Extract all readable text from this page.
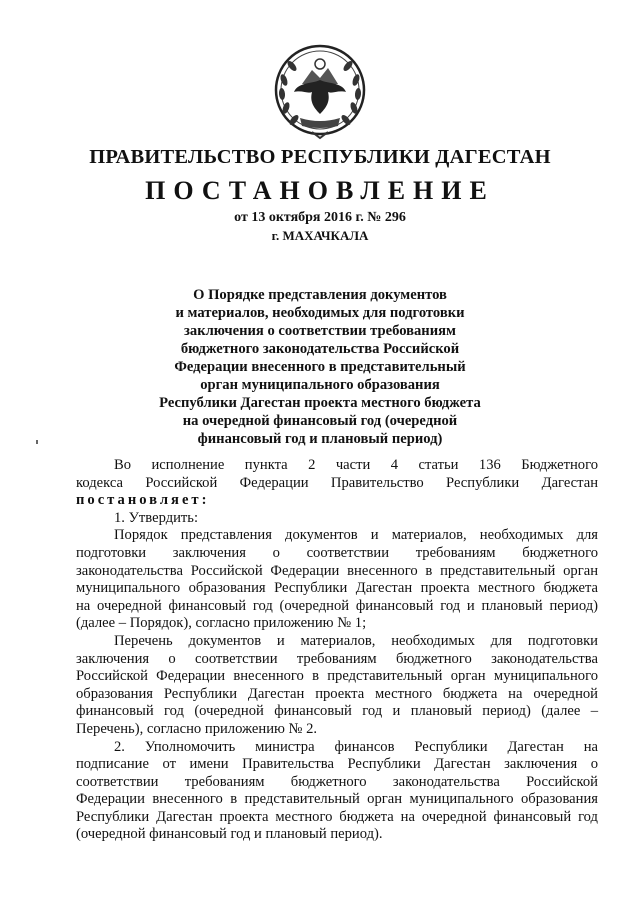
ПРАВИТЕЛЬСТВО РЕСПУБЛИКИ ДАГЕСТАН
ПОСТАНОВЛЕНИЕ
от 13 октября 2016 г. № 296
г. МАХАЧКАЛА
О Порядке представления документов
и материалов, необходимых для подготовки
заключения о соответствии требованиям
бюджетного законодательства Российской
Федерации внесенного в представительный
орган муниципального образования
Республики Дагестан проекта местного бюджета
на очередной финансовый год (очередной
финансовый год и плановый период)
Во исполнение пункта 2 части 4 статьи 136 Бюджетного
кодекса Российской Федерации Правительство Республики Дагестан
постановляет:
1. Утвердить:
Порядок представления документов и материалов, необходимых для
подготовки заключения о соответствии требованиям бюджетного
законодательства Российской Федерации внесенного в представительный орган
муниципального образования Республики Дагестан проекта местного бюджета
на очередной финансовый год (очередной финансовый год и плановый период)
(далее – Порядок), согласно приложению № 1;
Перечень документов и материалов, необходимых для подготовки
заключения о соответствии требованиям бюджетного законодательства
Российской Федерации внесенного в представительный орган муниципального
образования Республики Дагестан проекта местного бюджета на очередной
финансовый год (очередной финансовый год и плановый период) (далее –
Перечень), согласно приложению № 2.
2. Уполномочить министра финансов Республики Дагестан на
подписание от имени Правительства Республики Дагестан заключения о
соответствии требованиям бюджетного законодательства Российской
Федерации внесенного в представительный орган муниципального образования
Республики Дагестан проекта местного бюджета на очередной финансовый год
(очередной финансовый год и плановый период).
